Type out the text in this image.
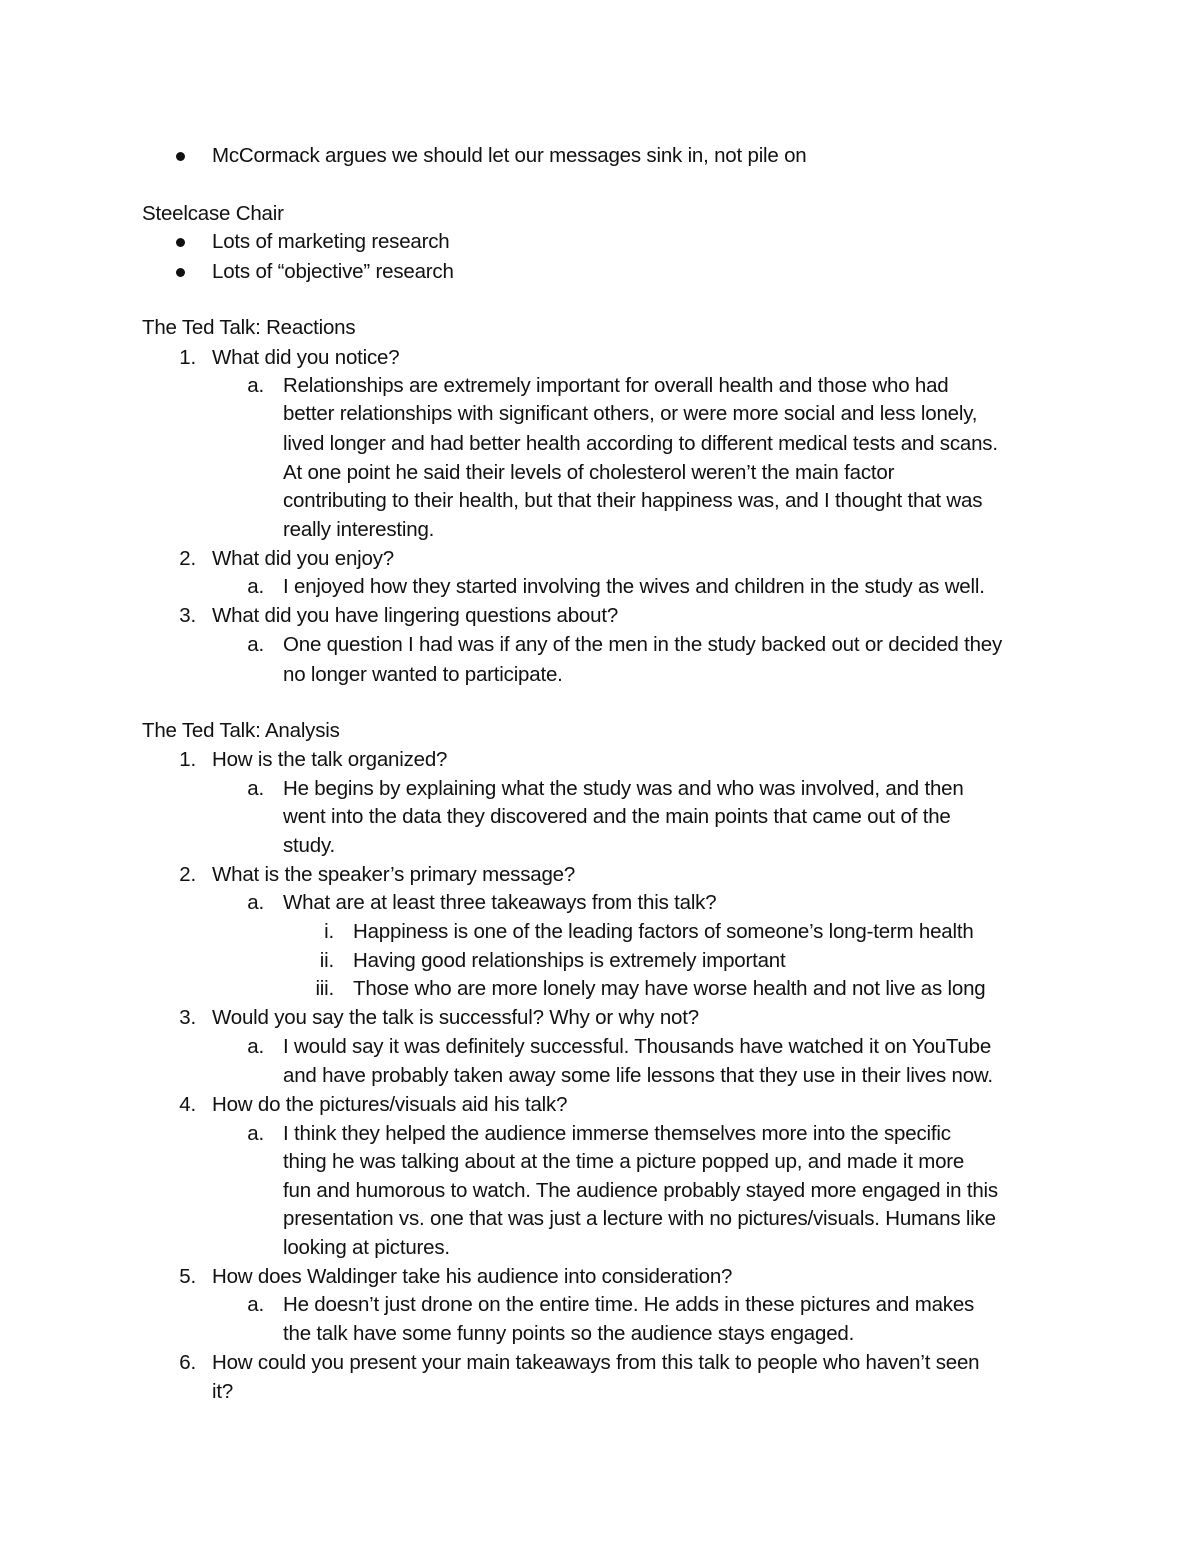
McCormack argues we should let our messages sink in, not pile on
Steelcase Chair
Lots of marketing research
Lots of “objective” research
The Ted Talk: Reactions
1. What did you notice?
a. Relationships are extremely important for overall health and those who had
better relationships with significant others, or were more social and less lonely,
lived longer and had better health according to different medical tests and scans.
At one point he said their levels of cholesterol weren’t the main factor
contributing to their health, but that their happiness was, and I thought that was
really interesting.
2. What did you enjoy?
a. I enjoyed how they started involving the wives and children in the study as well.
3. What did you have lingering questions about?
a. One question I had was if any of the men in the study backed out or decided they
no longer wanted to participate.
The Ted Talk: Analysis
1. How is the talk organized?
a. He begins by explaining what the study was and who was involved, and then
went into the data they discovered and the main points that came out of the
study.
2. What is the speaker’s primary message?
a. What are at least three takeaways from this talk?
i. Happiness is one of the leading factors of someone’s long-term health
ii. Having good relationships is extremely important
iii. Those who are more lonely may have worse health and not live as long
3. Would you say the talk is successful? Why or why not?
a. I would say it was definitely successful. Thousands have watched it on YouTube
and have probably taken away some life lessons that they use in their lives now.
4. How do the pictures/visuals aid his talk?
a. I think they helped the audience immerse themselves more into the specific
thing he was talking about at the time a picture popped up, and made it more
fun and humorous to watch. The audience probably stayed more engaged in this
presentation vs. one that was just a lecture with no pictures/visuals. Humans like
looking at pictures.
5. How does Waldinger take his audience into consideration?
a. He doesn’t just drone on the entire time. He adds in these pictures and makes
the talk have some funny points so the audience stays engaged.
6. How could you present your main takeaways from this talk to people who haven’t seen
it?
